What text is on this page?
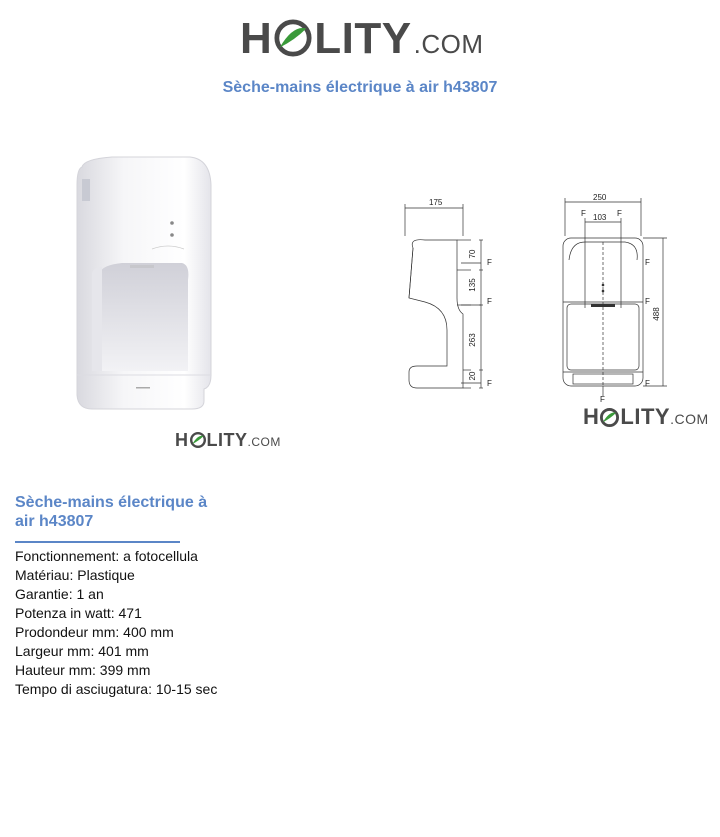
H LITY .COM
Sèche-mains électrique à air h43807
H LITY .COM
175
70
135
263
20
F
F
F
250
103
F	F
F
F
F
F
488
H LITY .COM
Sèche-mains électrique à
air h43807
Fonctionnement: a fotocellula
Matériau: Plastique
Garantie: 1 an
Potenza in watt: 471
Prodondeur mm: 400 mm
Largeur mm: 401 mm
Hauteur mm: 399 mm
Tempo di asciugatura: 10-15 sec
